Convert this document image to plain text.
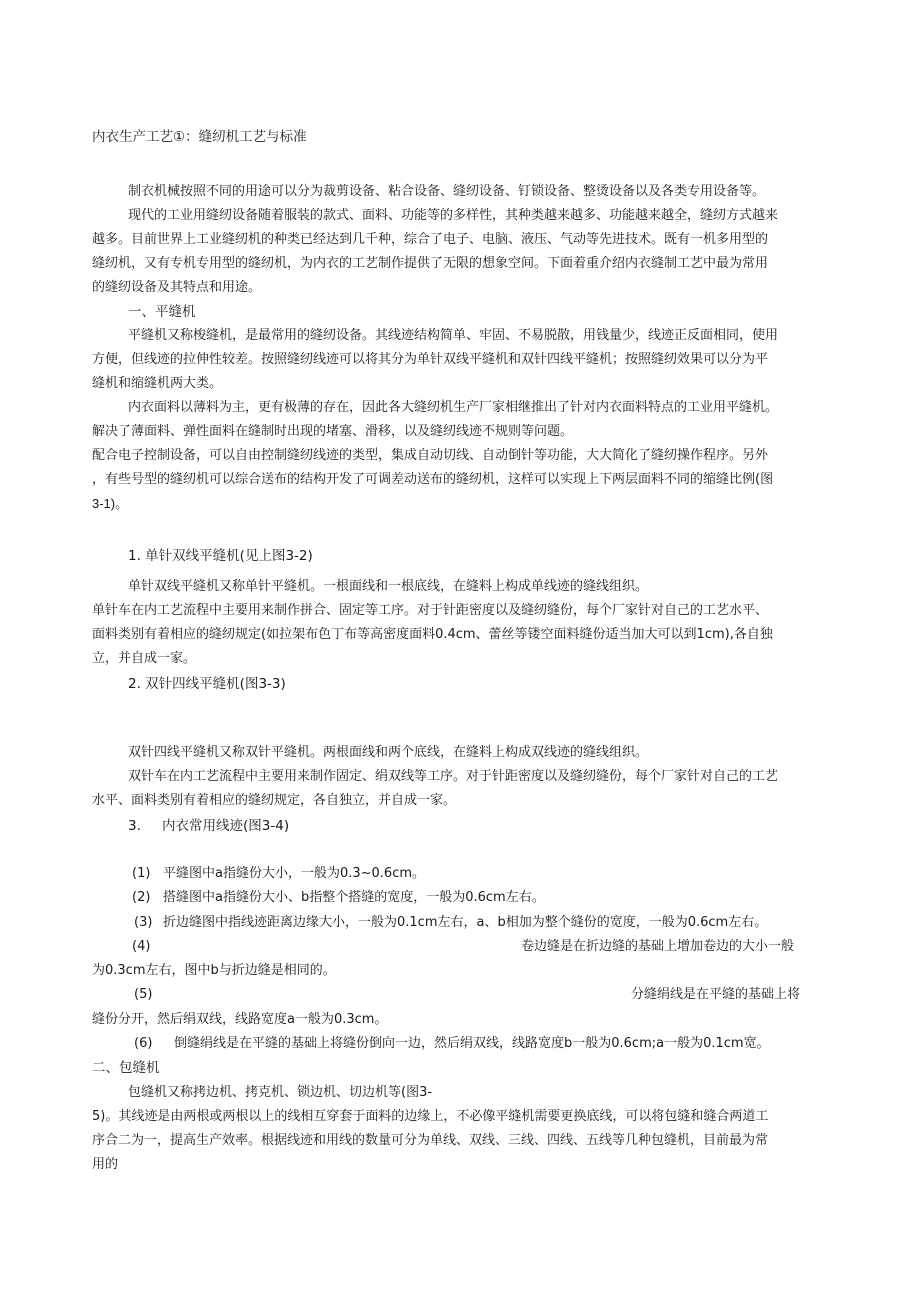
内衣生产工艺①：缝纫机工艺与标准
制衣机械按照不同的用途可以分为裁剪设备、粘合设备、缝纫设备、钉锁设备、整烫设备以及各类专用设备等。
现代的工业用缝纫设备随着服装的款式、面料、功能等的多样性，其种类越来越多、功能越来越全，缝纫方式越来
越多。目前世界上工业缝纫机的种类已经达到几千种，综合了电子、电脑、液压、气动等先进技术。既有一机多用型的
缝纫机，又有专机专用型的缝纫机，为内衣的工艺制作提供了无限的想象空间。下面着重介绍内衣缝制工艺中最为常用
的缝纫设备及其特点和用途。
一、平缝机
平缝机又称梭缝机，是最常用的缝纫设备。其线迹结构简单、牢固、不易脱散，用钱量少，线迹正反面相同，使用
方便，但线迹的拉伸性较差。按照缝纫线迹可以将其分为单针双线平缝机和双针四线平缝机；按照缝纫效果可以分为平
缝机和缩缝机两大类。
内衣面料以薄料为主，更有极薄的存在，因此各大缝纫机生产厂家相继推出了针对内衣面料特点的工业用平缝机。
解决了薄面料、弹性面料在缝制时出现的堵塞、滑移，以及缝纫线迹不规则等问题。
配合电子控制设备，可以自由控制缝纫线迹的类型，集成自动切线、自动倒针等功能，大大简化了缝纫操作程序。另外
，有些号型的缝纫机可以综合送布的结构开发了可调差动送布的缝纫机，这样可以实现上下两层面料不同的缩缝比例(图
3-1)。
1. 单针双线平缝机(见上图3-2)
单针双线平缝机又称单针平缝机。一根面线和一根底线，在缝料上构成单线迹的缝线组织。
单针车在内工艺流程中主要用来制作拼合、固定等工序。对于针距密度以及缝纫缝份，每个厂家针对自己的工艺水平、
面料类别有着相应的缝纫规定(如拉架布色丁布等高密度面料0.4cm、蕾丝等镂空面料缝份适当加大可以到1cm),各自独
立，并自成一家。
2. 双针四线平缝机(图3-3)
双针四线平缝机又称双针平缝机。两根面线和两个底线，在缝料上构成双线迹的缝线组织。
双针车在内工艺流程中主要用来制作固定、绢双线等工序。对于针距密度以及缝纫缝份，每个厂家针对自己的工艺
水平、面料类别有着相应的缝纫规定，各自独立，并自成一家。
3. 内衣常用线迹(图3-4)
(1) 平缝图中a指缝份大小，一般为0.3~0.6cm。
(2) 搭缝图中a指缝份大小、b指整个搭缝的宽度，一般为0.6cm左右。
(3) 折边缝图中指线迹距离边缘大小，一般为0.1cm左右，a、b相加为整个缝份的宽度，一般为0.6cm左右。
(4)	卷边缝是在折边缝的基础上增加卷边的大小一般
为0.3cm左右，图中b与折边缝是相同的。
(5)	分缝绢线是在平缝的基础上将
缝份分开，然后绢双线，线路宽度a一般为0.3cm。
(6) 倒缝绢线是在平缝的基础上将缝份倒向一边，然后绢双线，线路宽度b一般为0.6cm;a一般为0.1cm宽。
二、包缝机
包缝机又称拷边机、拷克机、锁边机、切边机等(图3-
5)。其线迹是由两根或两根以上的线相互穿套于面料的边缘上，不必像平缝机需要更换底线，可以将包缝和缝合两道工
序合二为一，提高生产效率。根据线迹和用线的数量可分为单线、双线、三线、四线、五线等几种包缝机，目前最为常
用的
